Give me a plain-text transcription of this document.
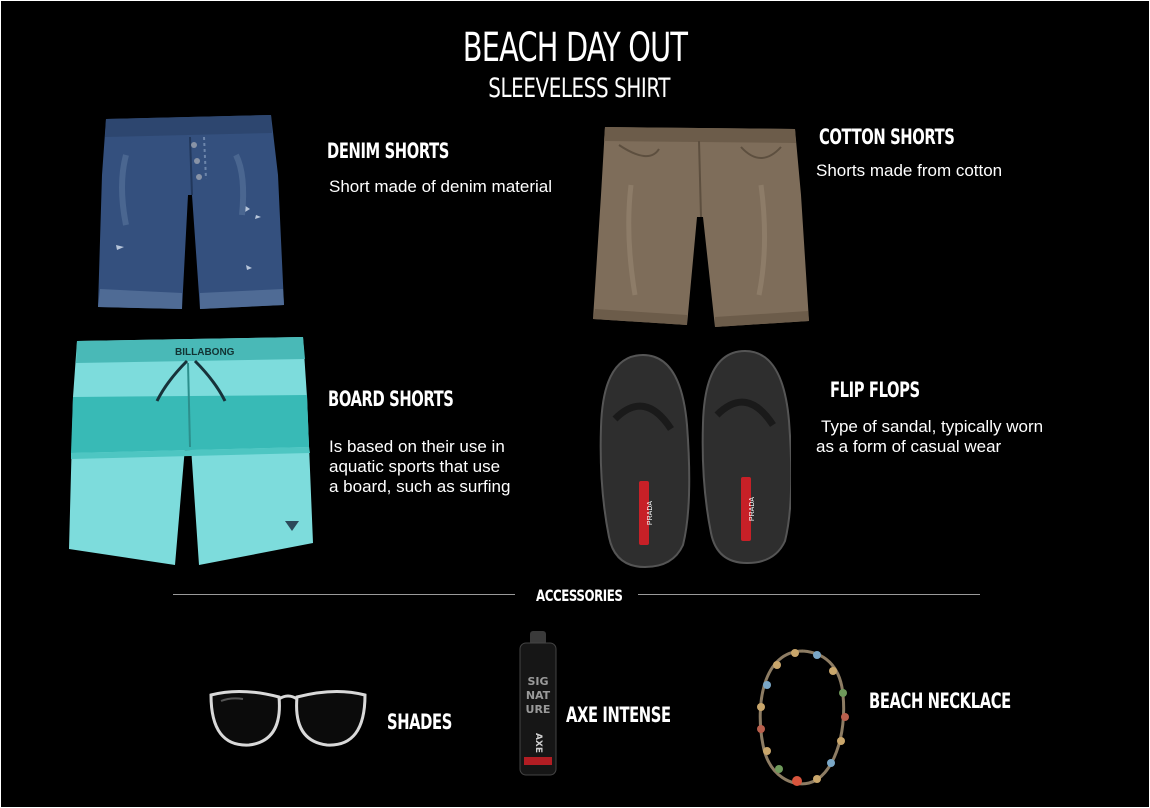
BEACH DAY OUT
SLEEVELESS SHIRT
DENIM SHORTS
Short made of denim material
COTTON SHORTS
Shorts made from cotton
BILLABONG
BOARD SHORTS
Is based on their use in
aquatic sports that use
a board, such as surfing
PRADA	PRADA
FLIP FLOPS
Type of sandal, typically worn
as a form of casual wear
ACCESSORIES
SHADES
SIG
NAT
URE
AXE
AXE INTENSE
BEACH NECKLACE
